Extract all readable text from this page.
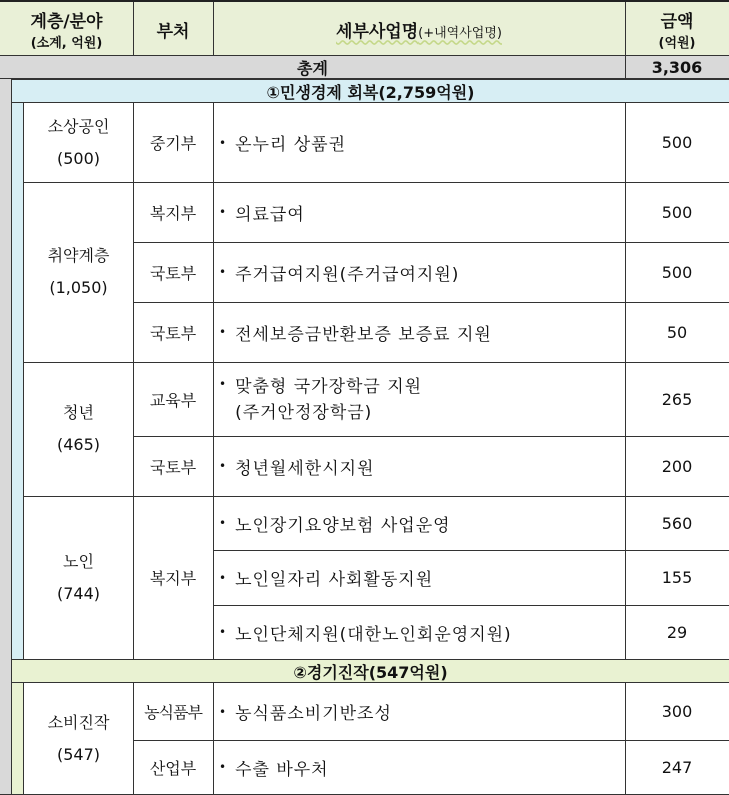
계층/분야
(소계, 억원)
부처	세부사업명(+내역사업명)
금액
(억원)
총계	3,306
①민생경제 회복(2,759억원)
②경기진작(547억원)
소상공인
(500)
취약계층
(1,050)
청년
(465)
노인
(744)
소비진작
(547)
중기부
복지부
국토부
국토부
교육부
국토부
복지부
농식품부
산업부
• 온누리 상품권
• 의료급여
• 주거급여지원(주거급여지원)
• 전세보증금반환보증 보증료 지원
• 맞춤형 국가장학금 지원
(주거안정장학금)
• 청년월세한시지원
• 노인장기요양보험 사업운영
• 노인일자리 사회활동지원
• 노인단체지원(대한노인회운영지원)
• 농식품소비기반조성
• 수출 바우처
500
500
500
50
265
200
560
155
29
300
247
